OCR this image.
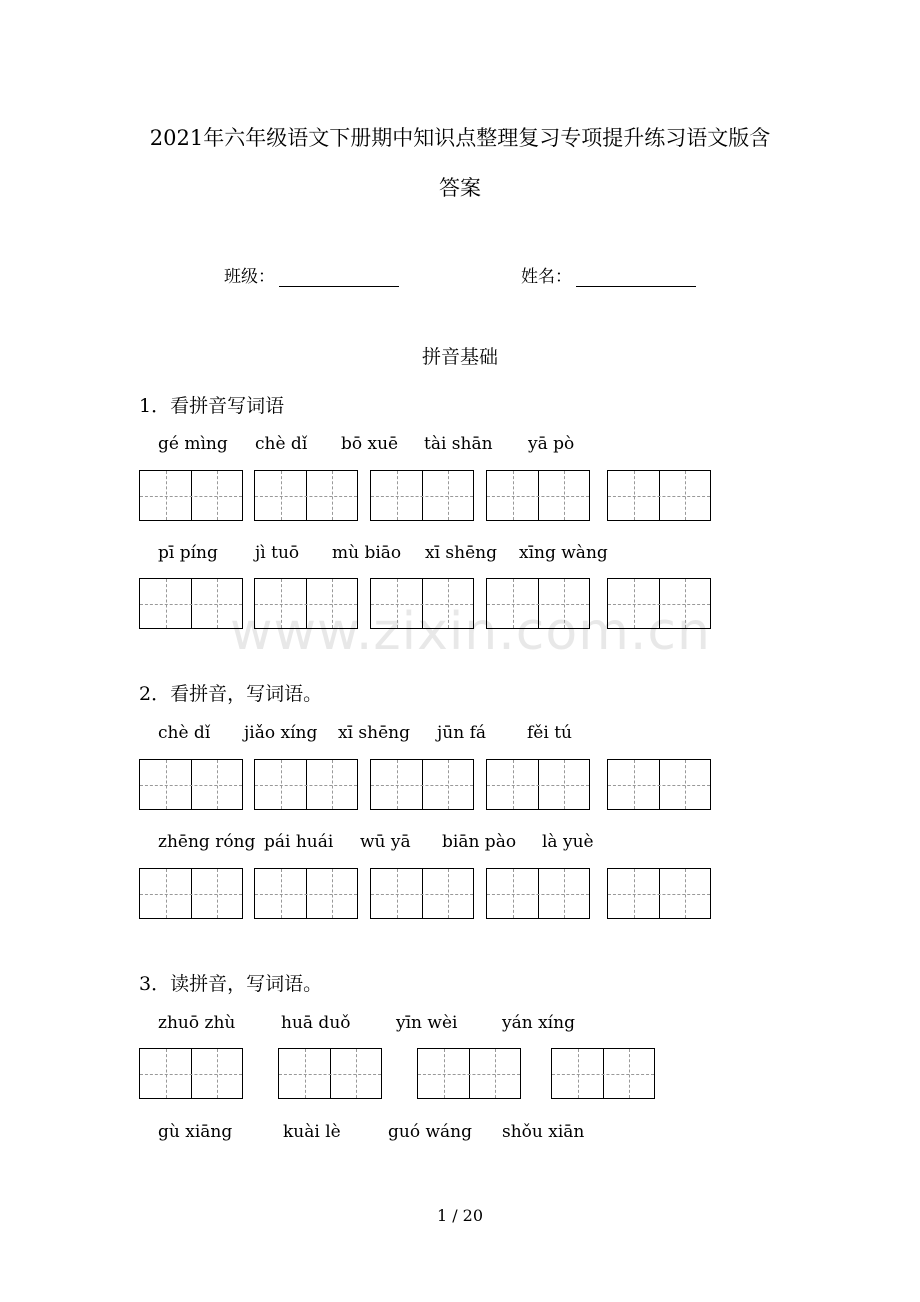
2021年六年级语文下册期中知识点整理复习专项提升练习语文版含
答案
班级：	姓名：
拼音基础
www.zixin.com.cn
1．看拼音写词语
gé mìng chè dǐ bō xuē tài shān yā pò
pī píng jì tuō mù biāo xī shēng xīng wàng
2．看拼音，写词语。
chè dǐ jiǎo xíng xī shēng jūn fá fěi tú
zhēng róng pái huái wū yā biān pào là yuè
3．读拼音，写词语。
zhuō zhù	huā duǒ	yīn wèi	yán xíng
gù xiāng	kuài lè	guó wáng shǒu xiān
1 / 20
